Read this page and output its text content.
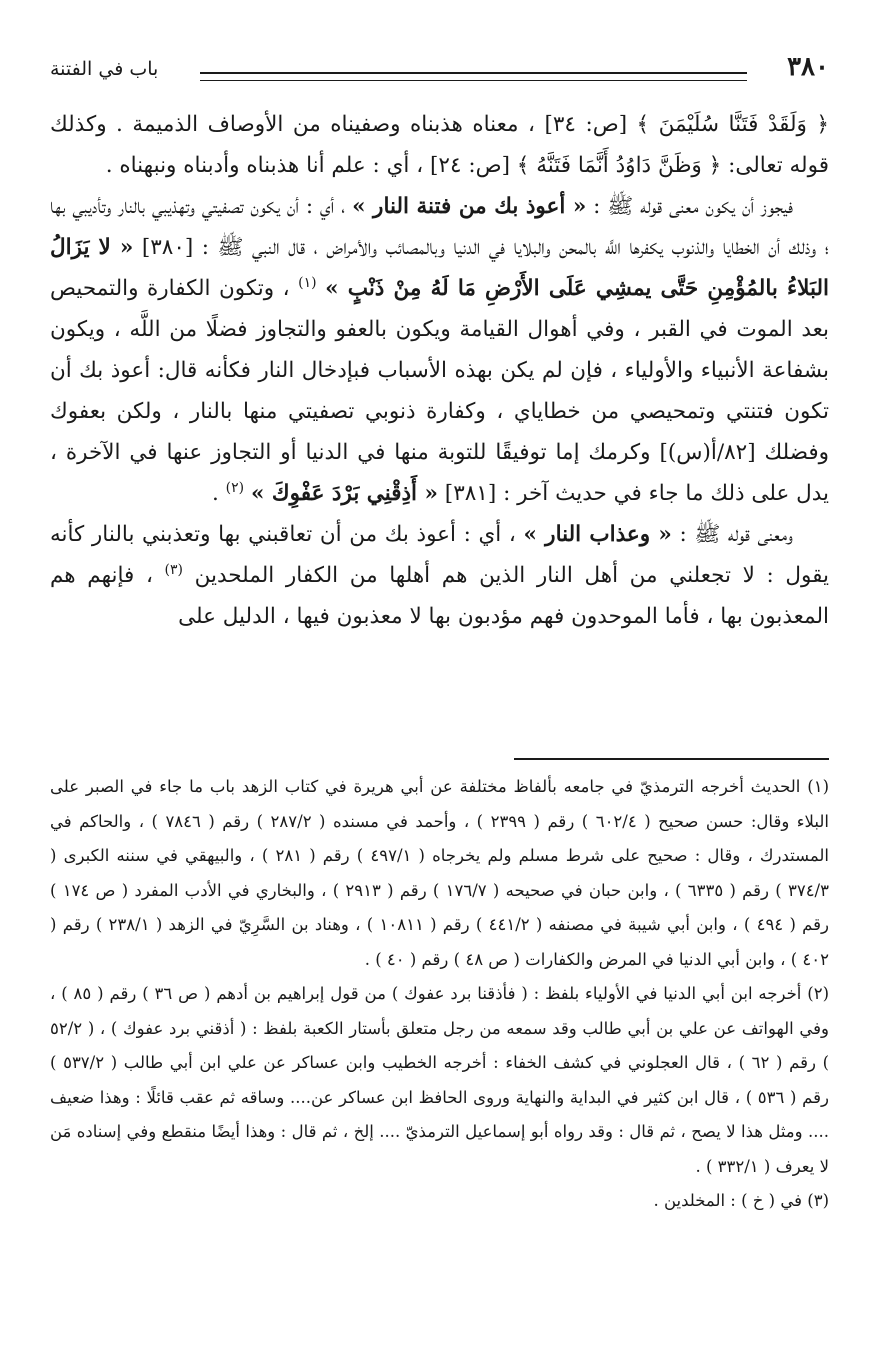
٣٨٠
باب في الفتنة

﴿ وَلَقَدْ فَتَنَّا سُلَيْمَنَ ﴾ [ص: ٣٤] ، معناه هذبناه وصفيناه من الأوصاف الذميمة . وكذلك قوله تعالى: ﴿ وَظَنَّ دَاوُدُ أَنَّمَا فَتَنَّهُ ﴾ [ص: ٢٤] ، أي : علم أنا هذبناه وأدبناه ونبهناه .

فيجوز أن يكون معنى قوله ﷺ : « أعوذ بك من فتنة النار » ، أي : أن يكون تصفيتي وتهذيبي بالنار وتأديبي بها ؛ وذلك أن الخطايا والذنوب يكفرها اللَّه بالمحن والبلايا في الدنيا وبالمصائب والأمراض ، قال النبي ﷺ : [٣٨٠] « لا يَزَالُ البَلاءُ بالمُؤْمِنِ حَتَّى يمشِي عَلَى الأَرْضِ مَا لَهُ مِنْ ذَنْبٍ » $^{(١)}$ ، وتكون الكفارة والتمحيص بعد الموت في القبر ، وفي أهوال القيامة ويكون بالعفو والتجاوز فضلًا من اللَّه ، ويكون بشفاعة الأنبياء والأولياء ، فإن لم يكن بهذه الأسباب فبإدخال النار فكأنه قال: أعوذ بك أن تكون فتنتي وتمحيصي من خطاياي ، وكفارة ذنوبي تصفيتي منها بالنار ، ولكن بعفوك وفضلك [٨٢/أ(س)] وكرمك إما توفيقًا للتوبة منها في الدنيا أو التجاوز عنها في الآخرة ، يدل على ذلك ما جاء في حديث آخر : [٣٨١] « أَذِقْنِي بَرْدَ عَفْوِكَ » $^{(٢)}$ .

ومعنى قوله ﷺ : « وعذاب النار » ، أي : أعوذ بك من أن تعاقبني بها وتعذبني بالنار كأنه يقول : لا تجعلني من أهل النار الذين هم أهلها من الكفار الملحدين $^{(٣)}$ ، فإنهم هم المعذبون بها ، فأما الموحدون فهم مؤدبون بها لا معذبون فيها ، الدليل على

(١) الحديث أخرجه الترمذيّ في جامعه بألفاظ مختلفة عن أبي هريرة في كتاب الزهد باب ما جاء في الصبر على البلاء وقال: حسن صحيح ( ٦٠٢/٤ ) رقم ( ٢٣٩٩ ) ، وأحمد في مسنده ( ٢٨٧/٢ ) رقم ( ٧٨٤٦ ) ، والحاكم في المستدرك ، وقال : صحيح على شرط مسلم ولم يخرجاه ( ٤٩٧/١ ) رقم ( ٢٨١ ) ، والبيهقي في سننه الكبرى ( ٣٧٤/٣ ) رقم ( ٦٣٣٥ ) ، وابن حبان في صحيحه ( ١٧٦/٧ ) رقم ( ٢٩١٣ ) ، والبخاري في الأدب المفرد ( ص ١٧٤ ) رقم ( ٤٩٤ ) ، وابن أبي شيبة في مصنفه ( ٤٤١/٢ ) رقم ( ١٠٨١١ ) ، وهناد بن السَّرِيّ في الزهد ( ٢٣٨/١ ) رقم ( ٤٠٢ ) ، وابن أبي الدنيا في المرض والكفارات ( ص ٤٨ ) رقم ( ٤٠ ) .

(٢) أخرجه ابن أبي الدنيا في الأولياء بلفظ : ( فأذقنا برد عفوك ) من قول إبراهيم بن أدهم ( ص ٣٦ ) رقم ( ٨٥ ) ، وفي الهواتف عن علي بن أبي طالب وقد سمعه من رجل متعلق بأستار الكعبة بلفظ : ( أذقني برد عفوك ) ، ( ٥٢/٢ ) رقم ( ٦٢ ) ، قال العجلوني في كشف الخفاء : أخرجه الخطيب وابن عساكر عن علي ابن أبي طالب ( ٥٣٧/٢ ) رقم ( ٥٣٦ ) ، قال ابن كثير في البداية والنهاية وروى الحافظ ابن عساكر عن.... وساقه ثم عقب قائلًا : وهذا ضعيف .... ومثل هذا لا يصح ، ثم قال : وقد رواه أبو إسماعيل الترمذيّ .... إلخ ، ثم قال : وهذا أيضًا منقطع وفي إسناده مَن لا يعرف ( ٣٣٢/١ ) .

(٣) في ( خ ) : المخلدين .
